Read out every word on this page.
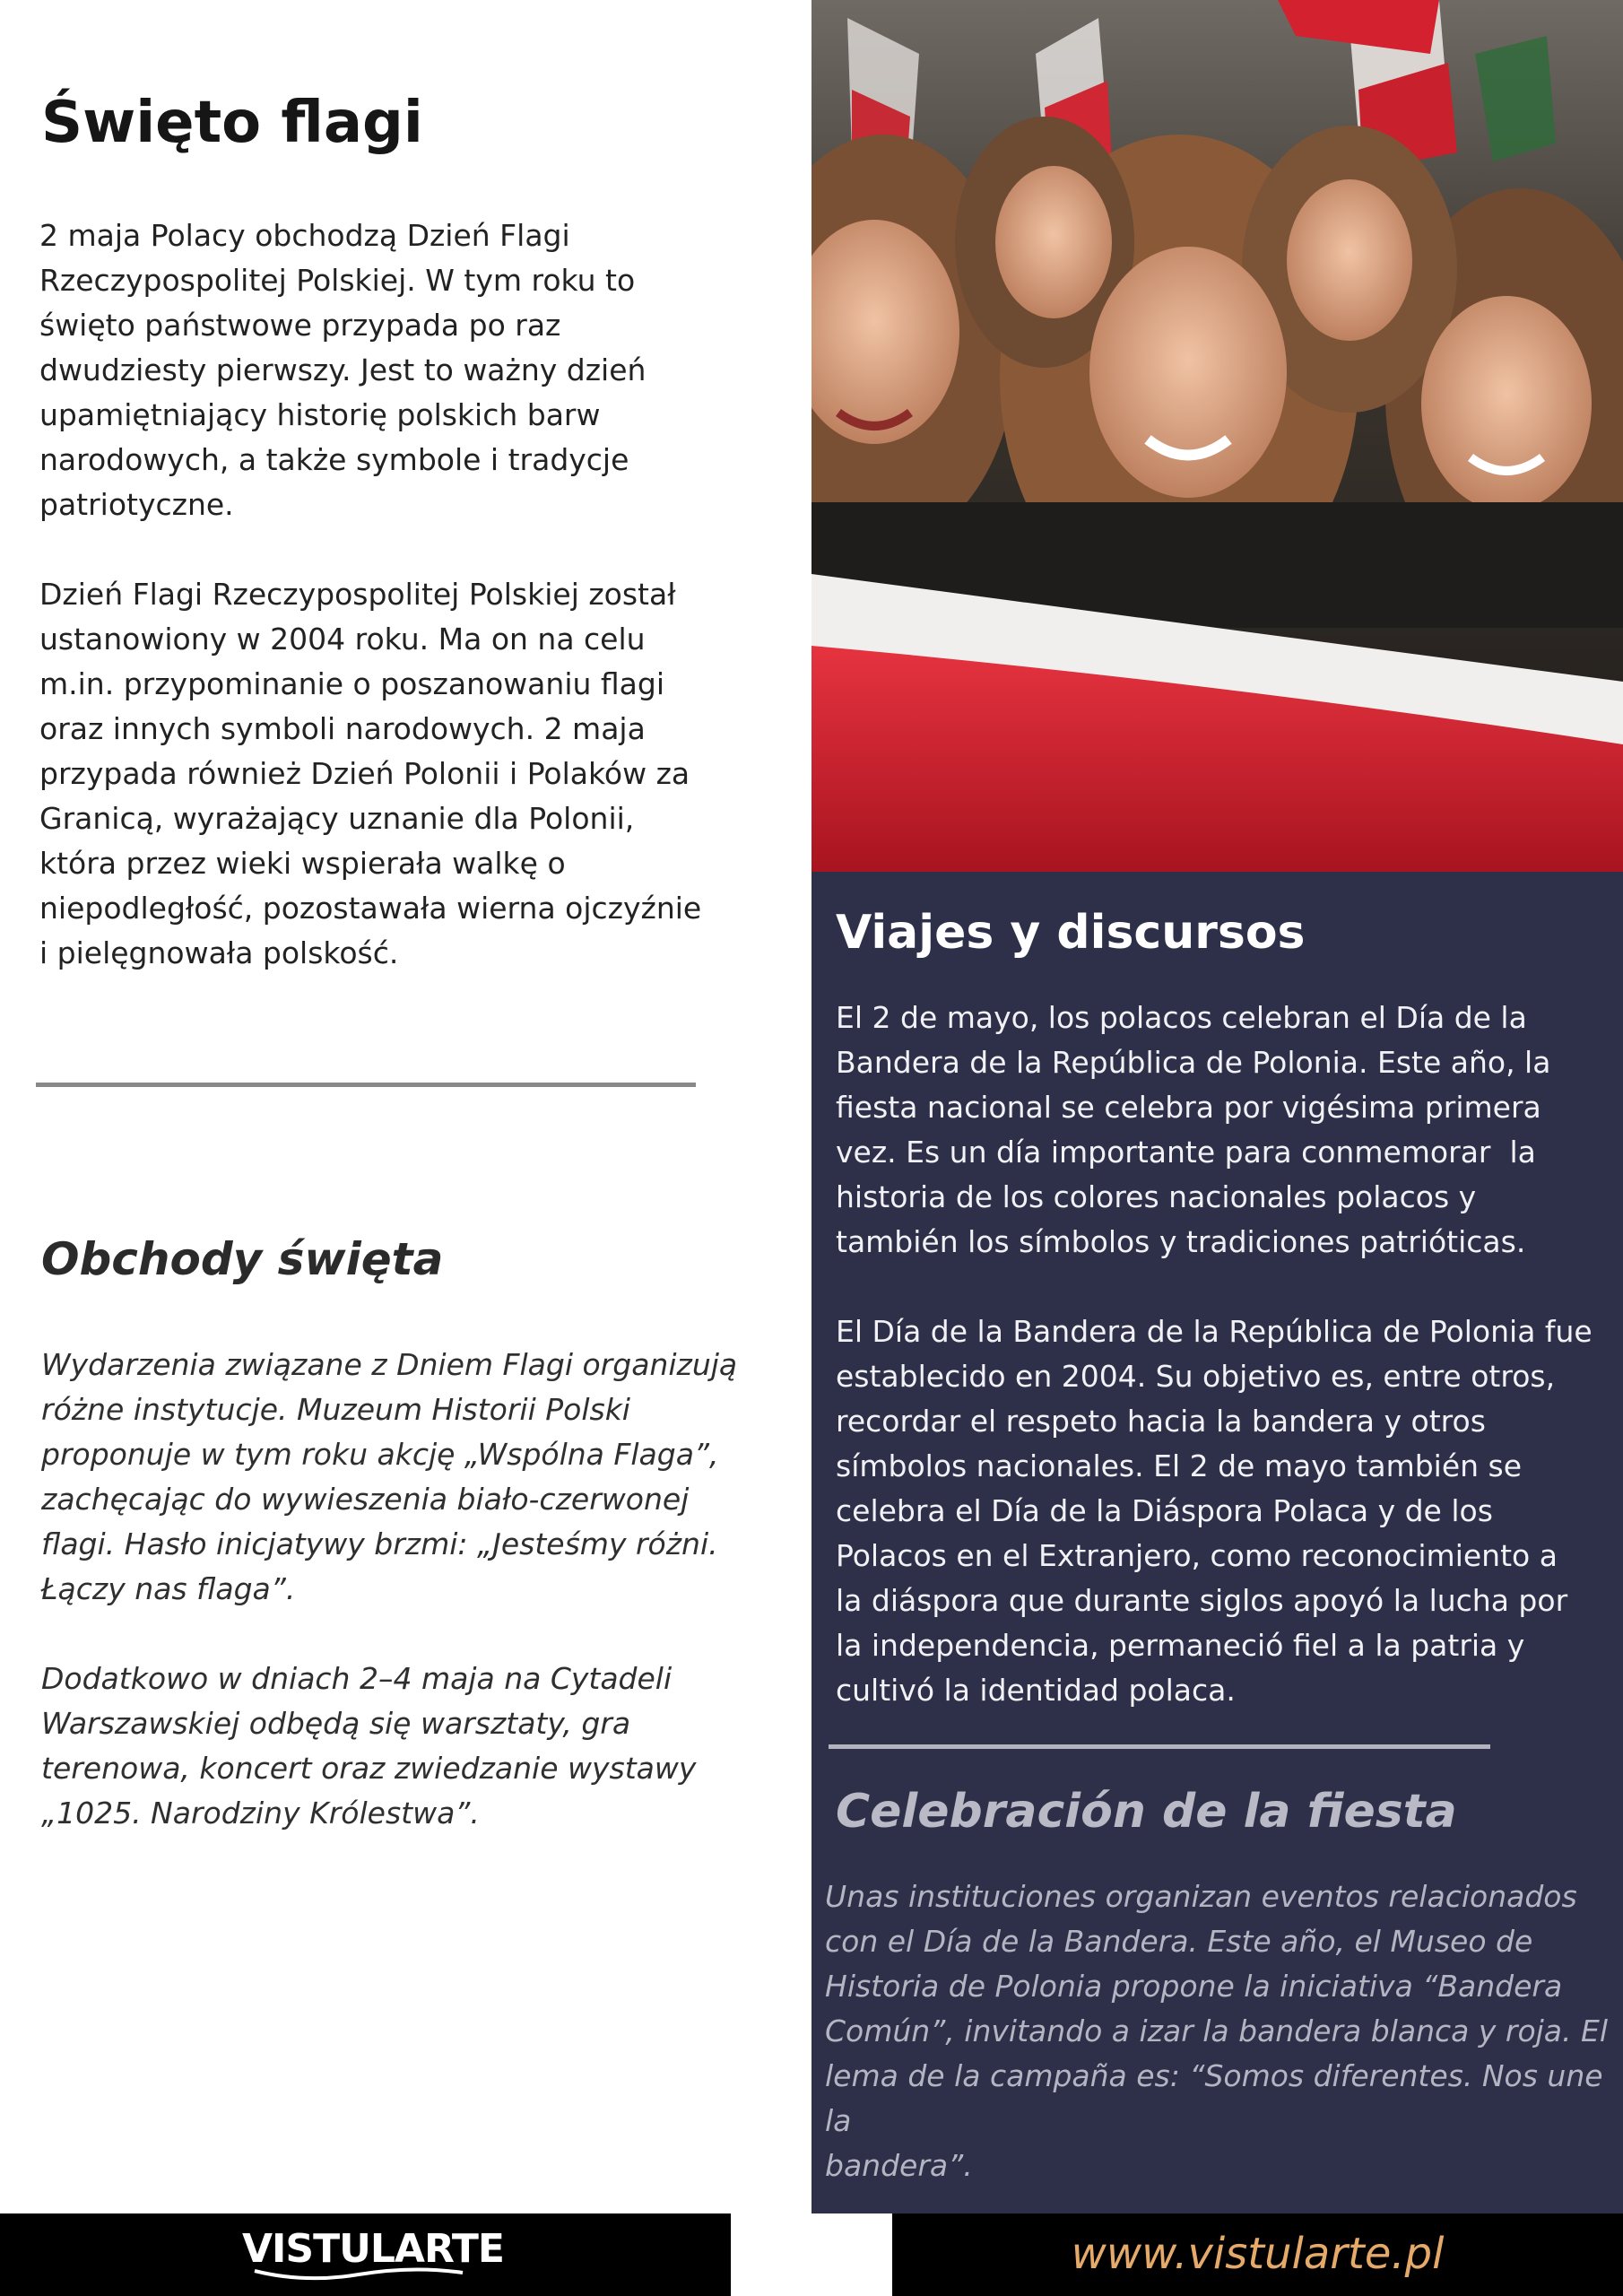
Święto flagi

2 maja Polacy obchodzą Dzień Flagi
Rzeczypospolitej Polskiej. W tym roku to
święto państwowe przypada po raz
dwudziesty pierwszy. Jest to ważny dzień
upamiętniający historię polskich barw
narodowych, a także symbole i tradycje
patriotyczne.

Dzień Flagi Rzeczypospolitej Polskiej został
ustanowiony w 2004 roku. Ma on na celu
m.in. przypominanie o poszanowaniu flagi
oraz innych symboli narodowych. 2 maja
przypada również Dzień Polonii i Polaków za
Granicą, wyrażający uznanie dla Polonii,
która przez wieki wspierała walkę o
niepodległość, pozostawała wierna ojczyźnie
i pielęgnowała polskość.

Obchody święta

Wydarzenia związane z Dniem Flagi organizują
różne instytucje. Muzeum Historii Polski
proponuje w tym roku akcję „Wspólna Flaga”,
zachęcając do wywieszenia biało-czerwonej
flagi. Hasło inicjatywy brzmi: „Jesteśmy różni.
Łączy nas flaga”.

Dodatkowo w dniach 2–4 maja na Cytadeli
Warszawskiej odbędą się warsztaty, gra
terenowa, koncert oraz zwiedzanie wystawy
„1025. Narodziny Królestwa”.

Viajes y discursos

El 2 de mayo, los polacos celebran el Día de la
Bandera de la República de Polonia. Este año, la
fiesta nacional se celebra por vigésima primera
vez. Es un día importante para conmemorar  la
historia de los colores nacionales polacos y
también los símbolos y tradiciones patrióticas.

El Día de la Bandera de la República de Polonia fue
establecido en 2004. Su objetivo es, entre otros,
recordar el respeto hacia la bandera y otros
símbolos nacionales. El 2 de mayo también se
celebra el Día de la Diáspora Polaca y de los
Polacos en el Extranjero, como reconocimiento a
la diáspora que durante siglos apoyó la lucha por
la independencia, permaneció fiel a la patria y
cultivó la identidad polaca.

Celebración de la fiesta

Unas instituciones organizan eventos relacionados
con el Día de la Bandera. Este año, el Museo de
Historia de Polonia propone la iniciativa “Bandera
Común”, invitando a izar la bandera blanca y roja. El
lema de la campaña es: “Somos diferentes. Nos une la
bandera”.

VISTULARTE	www.vistularte.pl
